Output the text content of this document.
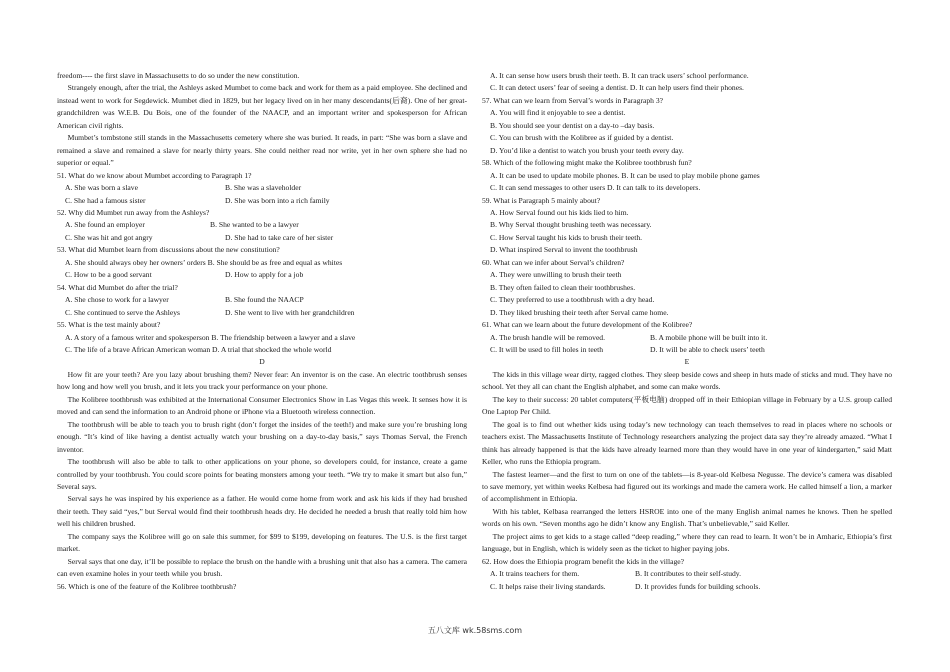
freedom---- the first slave in Massachusetts to do so under the new constitution.

Strangely enough, after the trial, the Ashleys asked Mumbet to come back and work for them as a paid employee. She declined and instead went to work for Segdewick. Mumbet died in 1829, but her legacy lived on in her many descendants(后裔). One of her great-grandchildren was W.E.B. Du Bois, one of the founder of the NAACP, and an important writer and spokesperson for African American civil rights.

Mumbet’s tombstone still stands in the Massachusetts cemetery where she was buried. It reads, in part: “She was born a slave and remained a slave and remained a slave for nearly thirty years. She could neither read nor write, yet in her own sphere she had no superior or equal.”

51. What do we know about Mumbet according to Paragraph 1?

A. She was born a slave	B. She was a slaveholder
C. She had a famous sister	D. She was born into a rich family

52. Why did Mumbet run away from the Ashleys?

A. She found an employer	B. She wanted to be a lawyer
C. She was hit and got angry	D. She had to take care of her sister

53. What did Mumbet learn from discussions about the new constitution?

A. She should always obey her owners’ orders B. She should be as free and equal as whites
C. How to be a good servant	D. How to apply for a job

54. What did Mumbet do after the trial?

A. She chose to work for a lawyer	B. She found the NAACP
C. She continued to serve the Ashleys	D. She went to live with her grandchildren

55. What is the test mainly about?

A. A story of a famous writer and spokesperson B. The friendship between a lawyer and a slave
C. The life of a brave African American woman D. A trial that shocked the whole world

D

How fit are your teeth? Are you lazy about brushing them? Never fear: An inventor is on the case. An electric toothbrush senses how long and how well you brush, and it lets you track your performance on your phone.

The Kolibree toothbrush was exhibited at the International Consumer Electronics Show in Las Vegas this week. It senses how it is moved and can send the information to an Android phone or iPhone via a Bluetooth wireless connection.

The toothbrush will be able to teach you to brush right (don’t forget the insides of the teeth!) and make sure you’re brushing long enough. “It’s kind of like having a dentist actually watch your brushing on a day-to-day basis,” says Thomas Serval, the French inventor.

The toothbrush will also be able to talk to other applications on your phone, so developers could, for instance, create a game controlled by your toothbrush. You could score points for beating monsters among your teeth. “We try to make it smart but also fun,” Several says.

Serval says he was inspired by his experience as a father. He would come home from work and ask his kids if they had brushed their teeth. They said “yes,” but Serval would find their toothbrush heads dry. He decided he needed a brush that really told him how well his children brushed.

The company says the Kolibree will go on sale this summer, for $99 to $199, developing on features. The U.S. is the first target market.

Serval says that one day, it’ll be possible to replace the brush on the handle with a brushing unit that also has a camera. The camera can even examine holes in your teeth while you brush.

56. Which is one of the feature of the Kolibree toothbrush?

A. It can sense how users brush their teeth. B. It can track users’ school performance.
C. It can detect users’ fear of seeing a dentist. D. It can help users find their phones.

57. What can we learn from Serval’s words in Paragraph 3?

A. You will find it enjoyable to see a dentist.
B. You should see your dentist on a day-to –day basis.
C. You can brush with the Kolibree as if guided by a dentist.
D. You’d like a dentist to watch you brush your teeth every day.

58. Which of the following might make the Kolibree toothbrush fun?

A. It can be used to update mobile phones. B. It can be used to play mobile phone games
C. It can send messages to other users D. It can talk to its developers.

59. What is Paragraph 5 mainly about?

A. How Serval found out his kids lied to him.
B. Why Serval thought brushing teeth was necessary.
C. How Serval taught his kids to brush their teeth.
D. What inspired Serval to invent the toothbrush

60. What can we infer about Serval’s children?

A. They were unwilling to brush their teeth
B. They often failed to clean their toothbrushes.
C. They preferred to use a toothbrush with a dry head.
D. They liked brushing their teeth after Serval came home.

61. What can we learn about the future development of the Kolibree?

A. The brush handle will be removed.	B. A mobile phone will be built into it.
C. It will be used to fill holes in teeth	D. It will be able to check users’ teeth

E

The kids in this village wear dirty, ragged clothes. They sleep beside cows and sheep in huts made of sticks and mud. They have no school. Yet they all can chant the English alphabet, and some can make words.

The key to their success: 20 tablet computers(平板电脑) dropped off in their Ethiopian village in February by a U.S. group called One Laptop Per Child.

The goal is to find out whether kids using today’s new technology can teach themselves to read in places where no schools or teachers exist. The Massachusetts Institute of Technology researchers analyzing the project data say they’re already amazed. “What I think has already happened is that the kids have already learned more than they would have in one year of kindergarten,” said Matt Keller, who runs the Ethiopia program.

The fastest learner—and the first to turn on one of the tablets—is 8-year-old Kelbesa Negusse. The device’s camera was disabled to save memory, yet within weeks Kelbesa had figured out its workings and made the camera work. He called himself a lion, a marker of accomplishment in Ethiopia.

With his tablet, Kelbasa rearranged the letters HSROE into one of the many English animal names he knows. Then he spelled words on his own. “Seven months ago he didn’t know any English. That’s unbelievable,” said Keller.

The project aims to get kids to a stage called “deep reading,” where they can read to learn. It won’t be in Amharic, Ethiopia’s first language, but in English, which is widely seen as the ticket to higher paying jobs.

62. How does the Ethiopia program benefit the kids in the village?

A. It trains teachers for them.	B. It contributes to their self-study.
C. It helps raise their living standards.	D. It provides funds for building schools.
五八文库 wk.58sms.com
